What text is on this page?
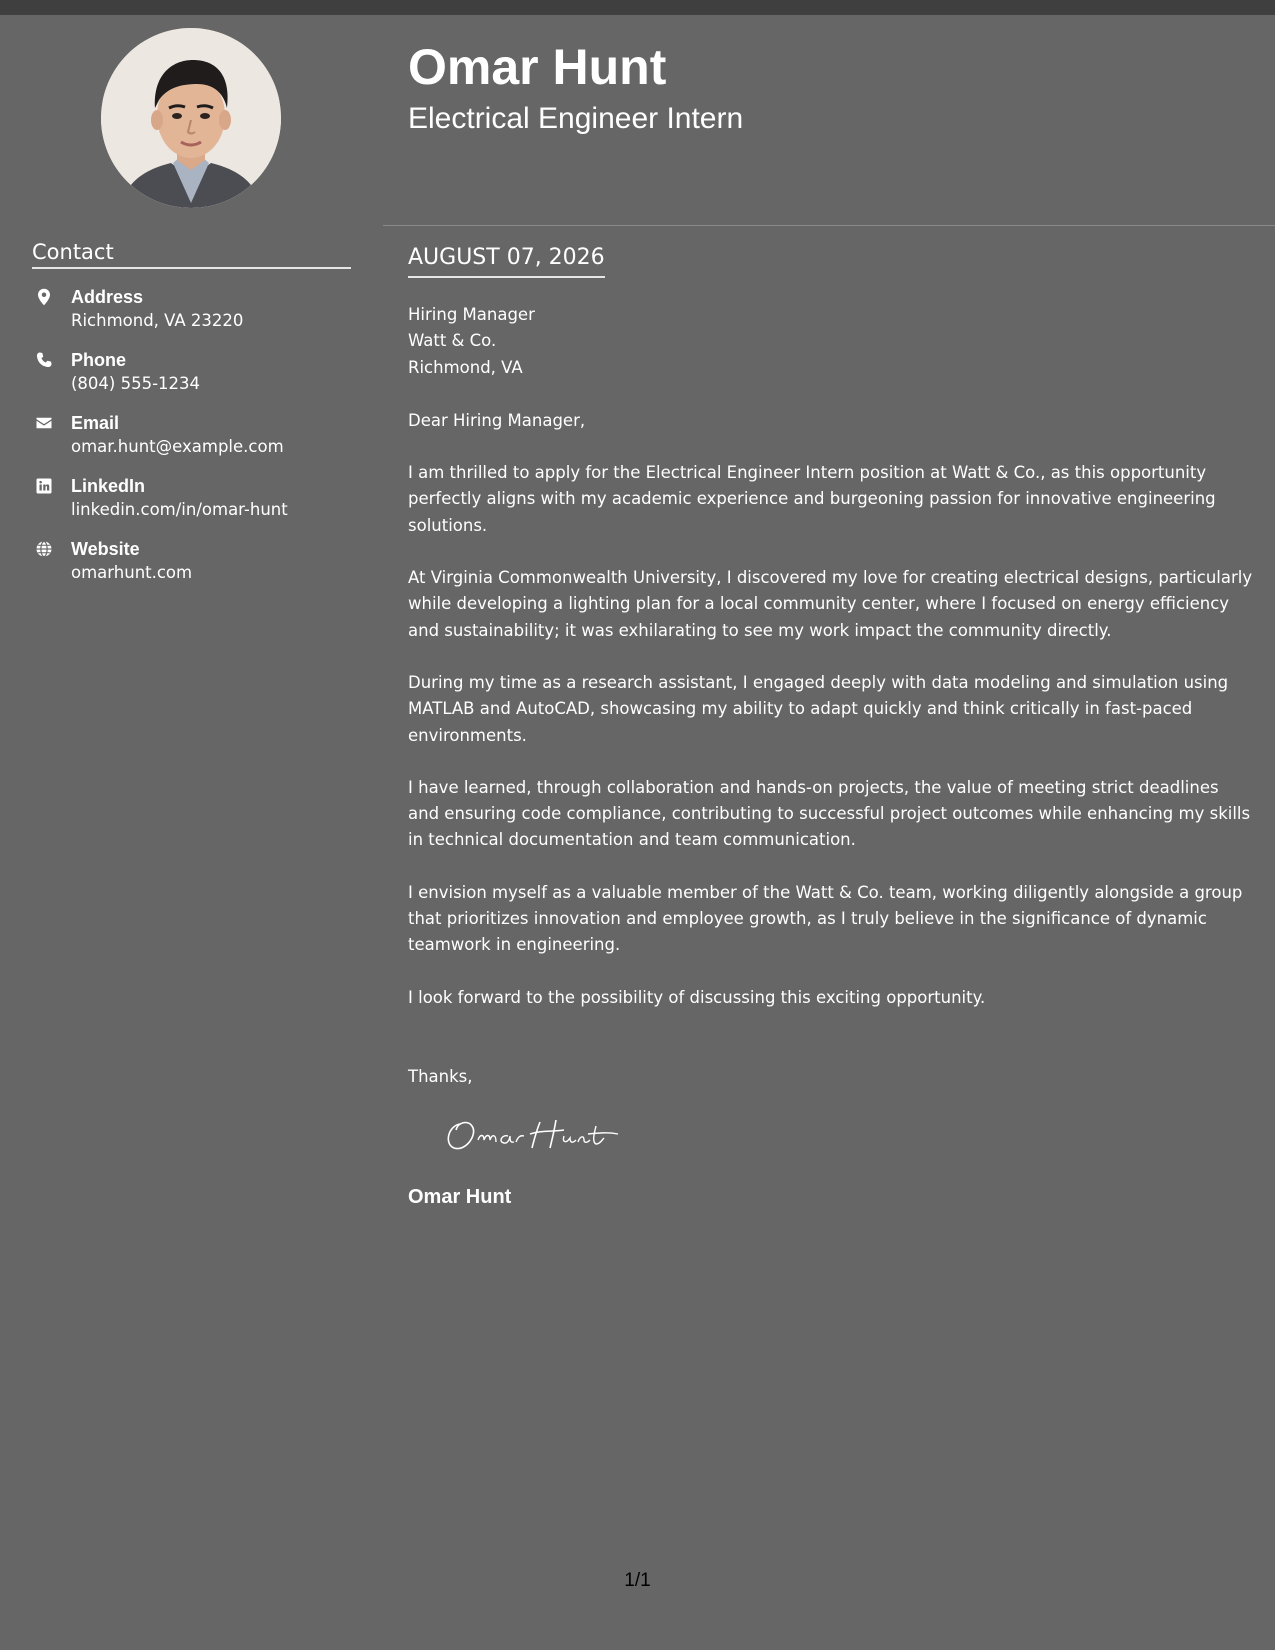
Omar Hunt
Electrical Engineer Intern
Contact
Address
Richmond, VA 23220
Phone
(804) 555-1234
Email
omar.hunt@example.com
LinkedIn
linkedin.com/in/omar-hunt
Website
omarhunt.com
AUGUST 07, 2026
Hiring Manager
Watt & Co.
Richmond, VA

Dear Hiring Manager,

I am thrilled to apply for the Electrical Engineer Intern position at Watt & Co., as this opportunity perfectly aligns with my academic experience and burgeoning passion for innovative engineering solutions.

At Virginia Commonwealth University, I discovered my love for creating electrical designs, particularly while developing a lighting plan for a local community center, where I focused on energy efficiency and sustainability; it was exhilarating to see my work impact the community directly.

During my time as a research assistant, I engaged deeply with data modeling and simulation using MATLAB and AutoCAD, showcasing my ability to adapt quickly and think critically in fast-paced environments.

I have learned, through collaboration and hands-on projects, the value of meeting strict deadlines and ensuring code compliance, contributing to successful project outcomes while enhancing my skills in technical documentation and team communication.

I envision myself as a valuable member of the Watt & Co. team, working diligently alongside a group that prioritizes innovation and employee growth, as I truly believe in the significance of dynamic teamwork in engineering.

I look forward to the possibility of discussing this exciting opportunity.

Thanks,

Omar Hunt
1/1
